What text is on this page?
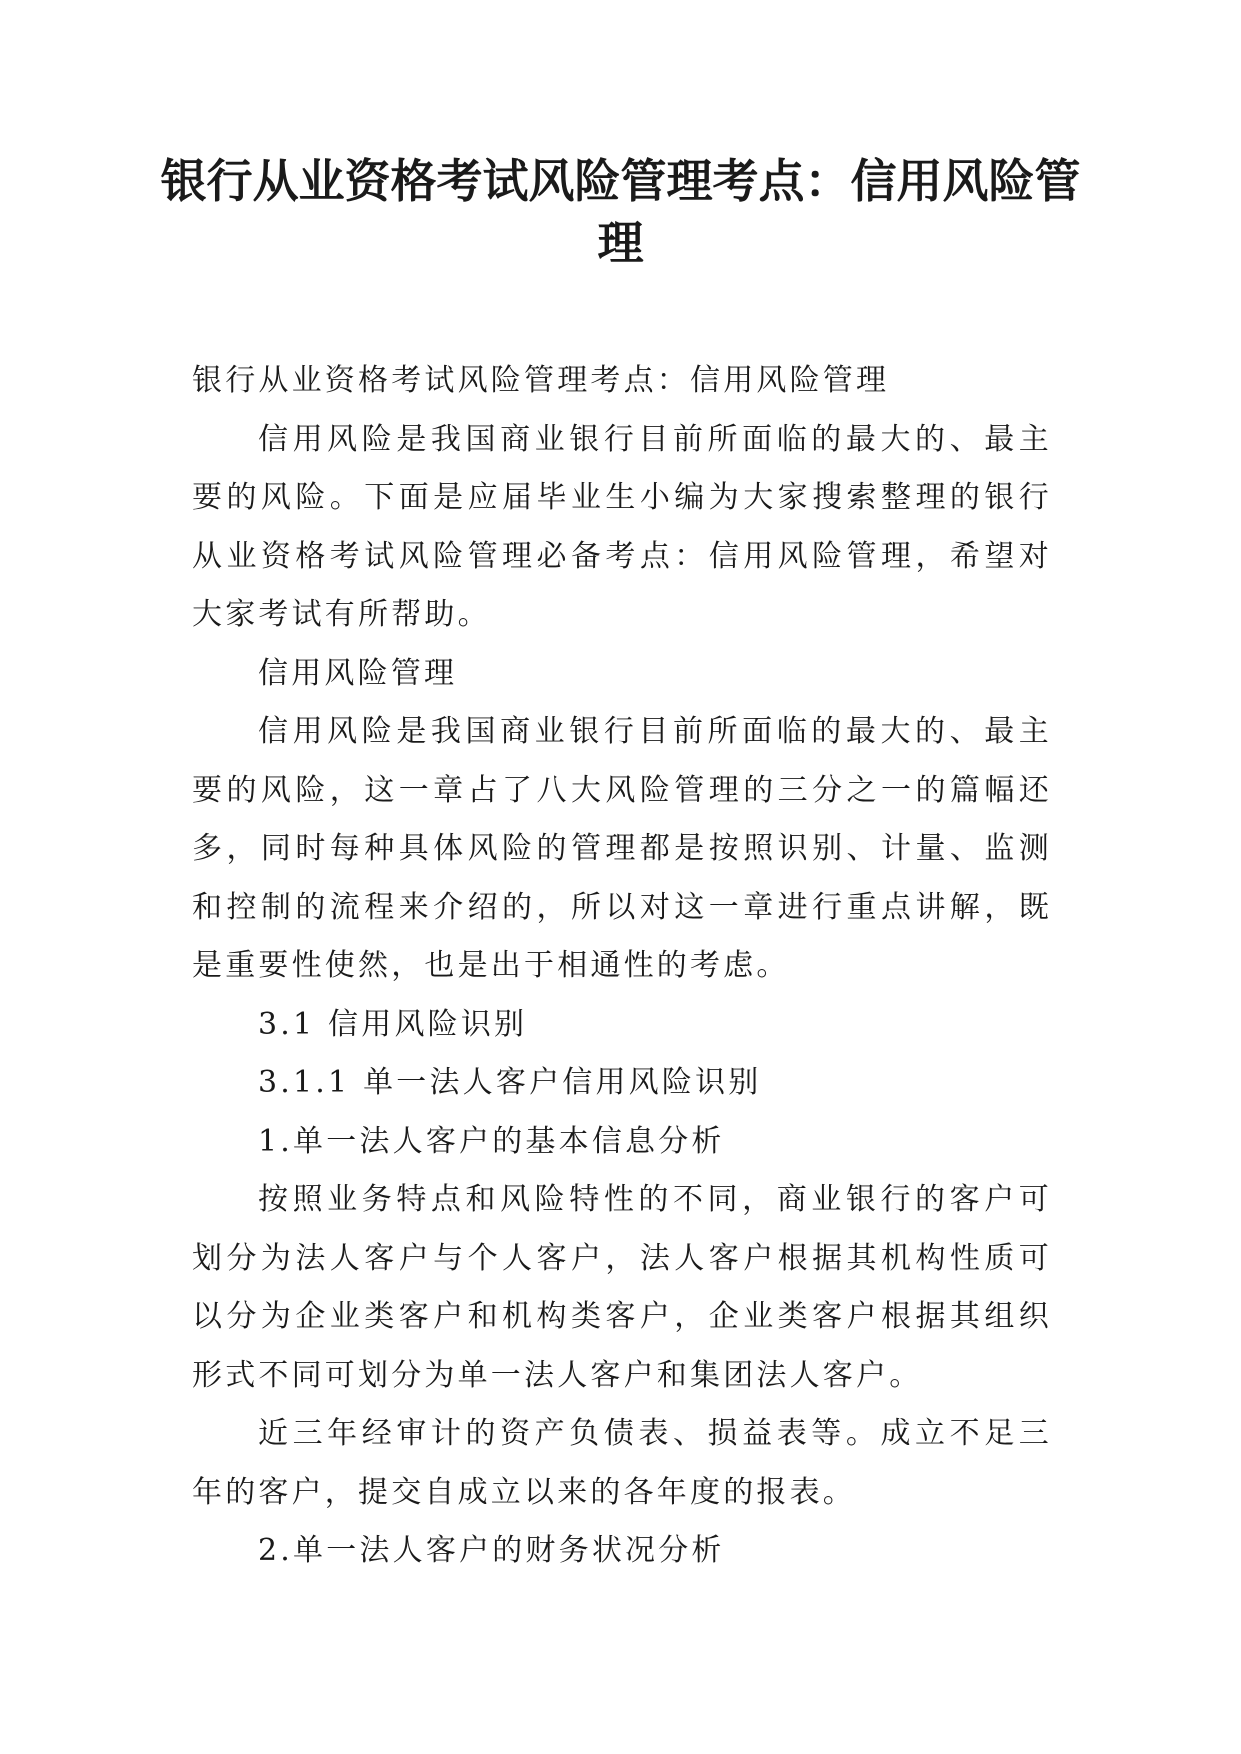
银行从业资格考试风险管理考点：信用风险管理

银行从业资格考试风险管理考点：信用风险管理

信用风险是我国商业银行目前所面临的最大的、最主要的风险。下面是应届毕业生小编为大家搜索整理的银行从业资格考试风险管理必备考点：信用风险管理，希望对大家考试有所帮助。

信用风险管理

信用风险是我国商业银行目前所面临的最大的、最主要的风险，这一章占了八大风险管理的三分之一的篇幅还多，同时每种具体风险的管理都是按照识别、计量、监测和控制的流程来介绍的，所以对这一章进行重点讲解，既是重要性使然，也是出于相通性的考虑。

3.1 信用风险识别

3.1.1 单一法人客户信用风险识别

1.单一法人客户的基本信息分析

按照业务特点和风险特性的不同，商业银行的客户可划分为法人客户与个人客户，法人客户根据其机构性质可以分为企业类客户和机构类客户，企业类客户根据其组织形式不同可划分为单一法人客户和集团法人客户。

近三年经审计的资产负债表、损益表等。成立不足三年的客户，提交自成立以来的各年度的报表。

2.单一法人客户的财务状况分析
